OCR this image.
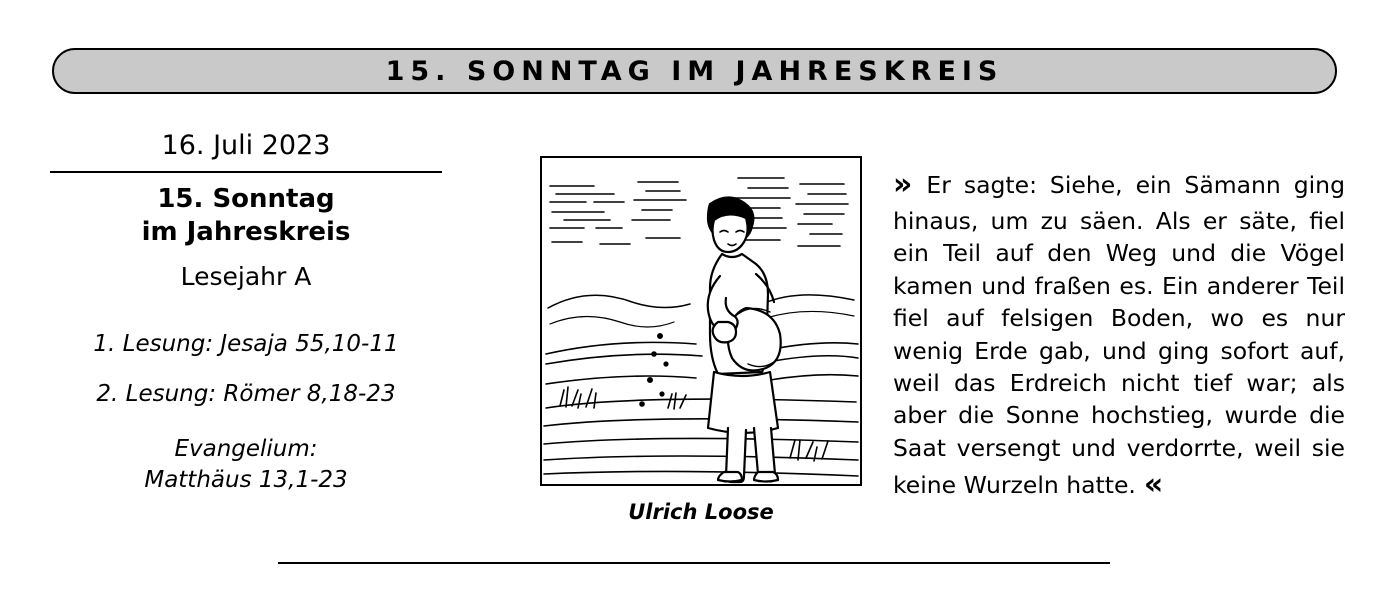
15. SONNTAG IM JAHRESKREIS
16. Juli 2023
15. Sonntag
im Jahreskreis
Lesejahr A
1. Lesung: Jesaja 55,10-11
2. Lesung: Römer 8,18-23
Evangelium:
Matthäus 13,1-23
Ulrich Loose

» Er sagte: Siehe, ein Sämann ging hinaus, um zu säen. Als er säte, fiel ein Teil auf den Weg und die Vögel kamen und fraßen es. Ein anderer Teil fiel auf felsigen Boden, wo es nur wenig Erde gab, und ging sofort auf, weil das Erdreich nicht tief war; als aber die Sonne hochstieg, wurde die Saat versengt und verdorrte, weil sie keine Wurzeln hatte. «
